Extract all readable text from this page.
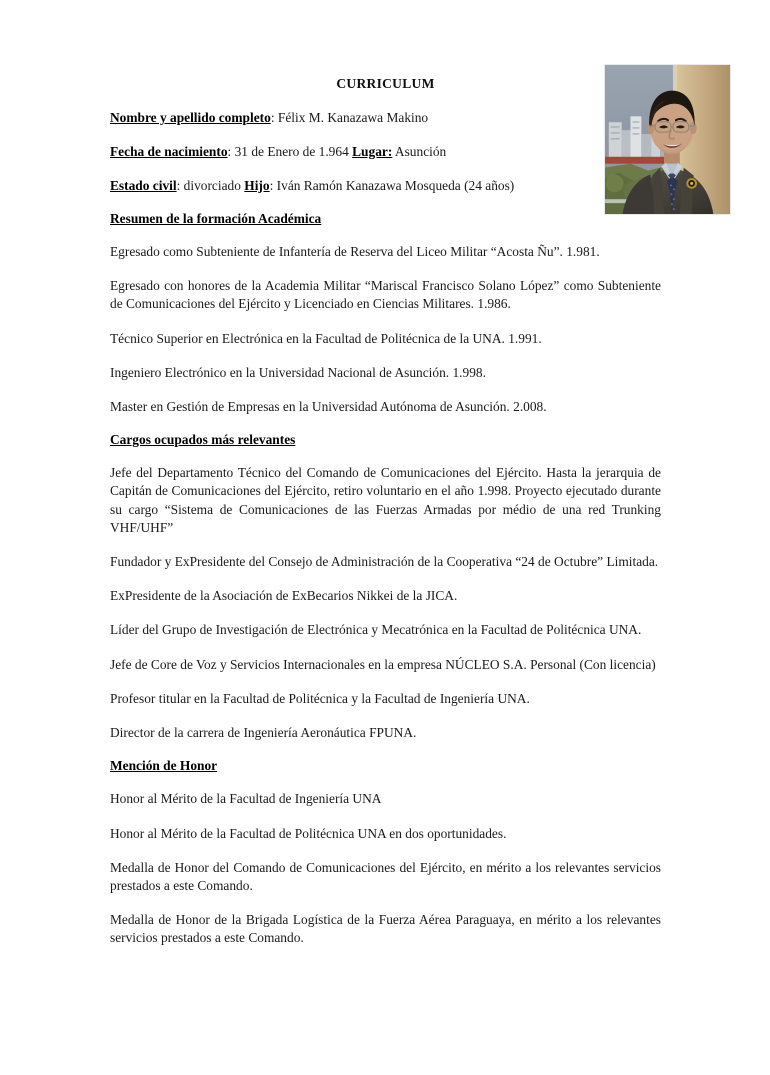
CURRICULUM

Nombre y apellido completo: Félix M. Kanazawa Makino

Fecha de nacimiento: 31 de Enero de 1.964 Lugar: Asunción

Estado civil: divorciado Hijo: Iván Ramón Kanazawa Mosqueda (24 años)

Resumen de la formación Académica

Egresado como Subteniente de Infantería de Reserva del Liceo Militar “Acosta Ñu”. 1.981.

Egresado con honores de la Academia Militar “Mariscal Francisco Solano López” como Subteniente de Comunicaciones del Ejército y Licenciado en Ciencias Militares. 1.986.

Técnico Superior en Electrónica en la Facultad de Politécnica de la UNA. 1.991.

Ingeniero Electrónico en la Universidad Nacional de Asunción. 1.998.

Master en Gestión de Empresas en la Universidad Autónoma de Asunción. 2.008.

Cargos ocupados más relevantes

Jefe del Departamento Técnico del Comando de Comunicaciones del Ejército. Hasta la jerarquia de Capitán de Comunicaciones del Ejército, retiro voluntario en el año 1.998. Proyecto ejecutado durante su cargo “Sistema de Comunicaciones de las Fuerzas Armadas por médio de una red Trunking VHF/UHF”

Fundador y ExPresidente del Consejo de Administración de la Cooperativa “24 de Octubre” Limitada.

ExPresidente de la Asociación de ExBecarios Nikkei de la JICA.

Líder del Grupo de Investigación de Electrónica y Mecatrónica en la Facultad de Politécnica UNA.

Jefe de Core de Voz y Servicios Internacionales en la empresa NÚCLEO S.A. Personal (Con licencia)

Profesor titular en la Facultad de Politécnica y la Facultad de Ingeniería UNA.

Director de la carrera de Ingeniería Aeronáutica FPUNA.

Mención de Honor

Honor al Mérito de la Facultad de Ingeniería UNA

Honor al Mérito de la Facultad de Politécnica UNA en dos oportunidades.

Medalla de Honor del Comando de Comunicaciones del Ejército, en mérito a los relevantes servicios prestados a este Comando.

Medalla de Honor de la Brigada Logística de la Fuerza Aérea Paraguaya, en mérito a los relevantes servicios prestados a este Comando.
